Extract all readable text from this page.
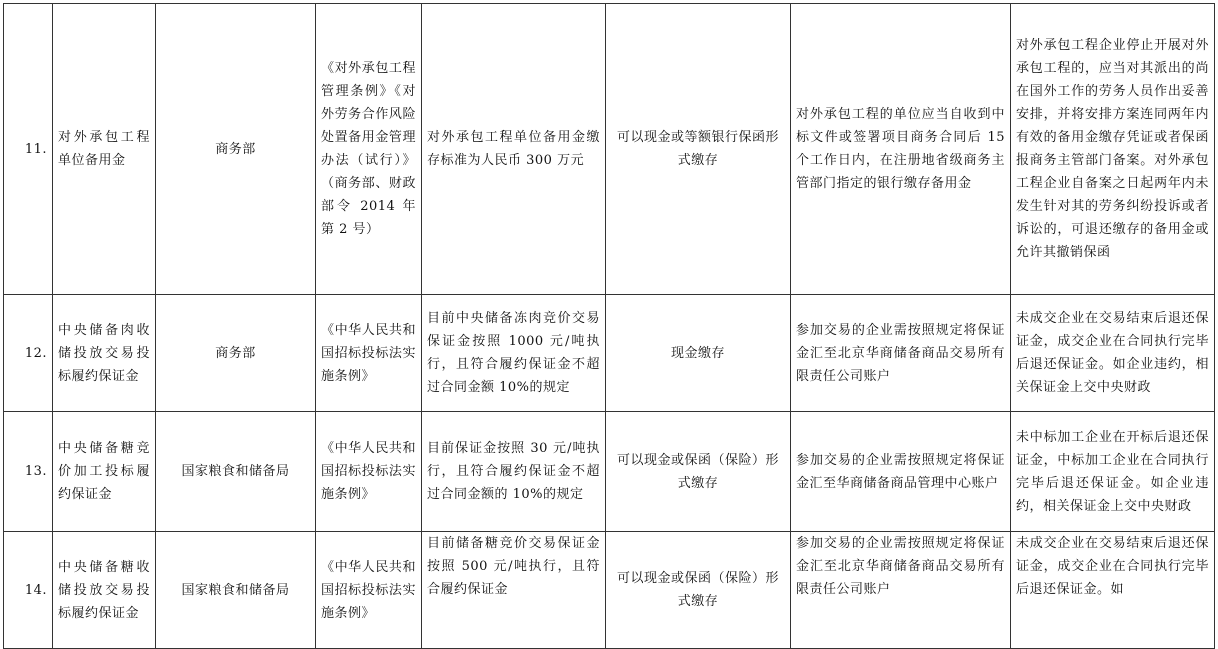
11.	对外承包工程单位备用金	商务部	《对外承包工程管理条例》《对外劳务合作风险处置备用金管理办法（试行）》（商务部、财政部令 2014 年第 2 号）	对外承包工程单位备用金缴存标准为人民币 300 万元	可以现金或等额银行保函形式缴存	对外承包工程的单位应当自收到中标文件或签署项目商务合同后 15 个工作日内，在注册地省级商务主管部门指定的银行缴存备用金	对外承包工程企业停止开展对外承包工程的，应当对其派出的尚在国外工作的劳务人员作出妥善安排，并将安排方案连同两年内有效的备用金缴存凭证或者保函报商务主管部门备案。对外承包工程企业自备案之日起两年内未发生针对其的劳务纠纷投诉或者诉讼的，可退还缴存的备用金或允许其撤销保函
12.	中央储备肉收储投放交易投标履约保证金	商务部	《中华人民共和国招标投标法实施条例》	目前中央储备冻肉竞价交易保证金按照 1000 元/吨执行，且符合履约保证金不超过合同金额 10%的规定	现金缴存	参加交易的企业需按照规定将保证金汇至北京华商储备商品交易所有限责任公司账户	未成交企业在交易结束后退还保证金，成交企业在合同执行完毕后退还保证金。如企业违约，相关保证金上交中央财政
13.	中央储备糖竞价加工投标履约保证金	国家粮食和储备局	《中华人民共和国招标投标法实施条例》	目前保证金按照 30 元/吨执行，且符合履约保证金不超过合同金额的 10%的规定	可以现金或保函（保险）形式缴存	参加交易的企业需按照规定将保证金汇至华商储备商品管理中心账户	未中标加工企业在开标后退还保证金，中标加工企业在合同执行完毕后退还保证金。如企业违约，相关保证金上交中央财政
14.	中央储备糖收储投放交易投标履约保证金	国家粮食和储备局	《中华人民共和国招标投标法实施条例》	目前储备糖竞价交易保证金按照 500 元/吨执行，且符合履约保证金	可以现金或保函（保险）形式缴存	参加交易的企业需按照规定将保证金汇至北京华商储备商品交易所有限责任公司账户	未成交企业在交易结束后退还保证金，成交企业在合同执行完毕后退还保证金。如
